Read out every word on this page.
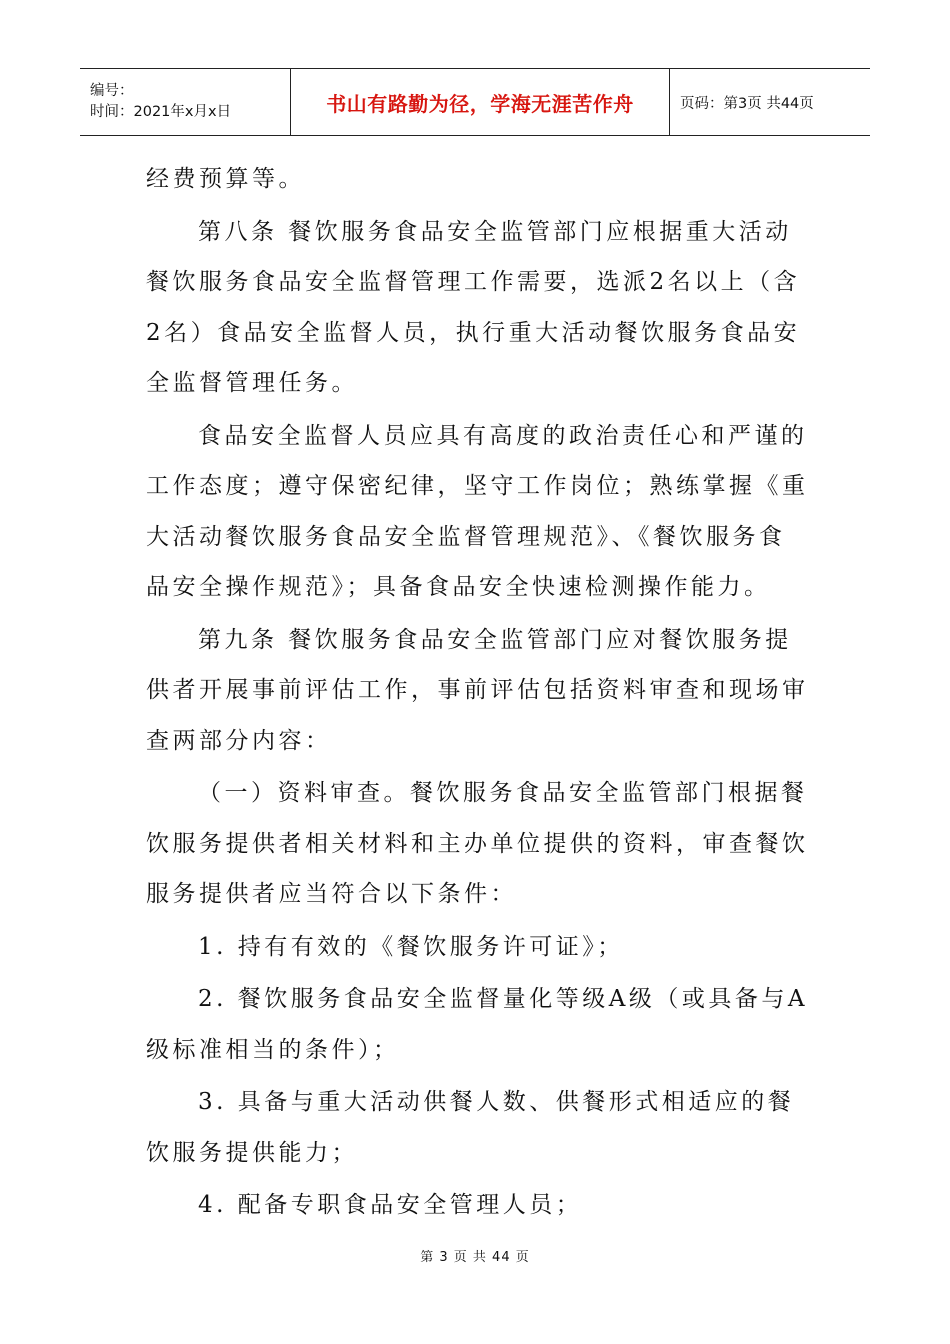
编号：
时间：2021年x月x日	书山有路勤为径，学海无涯苦作舟	页码：第3页 共44页

经费预算等。

第八条 餐饮服务食品安全监管部门应根据重大活动餐饮服务食品安全监督管理工作需要，选派2名以上（含2名）食品安全监督人员，执行重大活动餐饮服务食品安全监督管理任务。

食品安全监督人员应具有高度的政治责任心和严谨的工作态度；遵守保密纪律，坚守工作岗位；熟练掌握《重大活动餐饮服务食品安全监督管理规范》、《餐饮服务食品安全操作规范》；具备食品安全快速检测操作能力。

第九条 餐饮服务食品安全监管部门应对餐饮服务提供者开展事前评估工作，事前评估包括资料审查和现场审查两部分内容：

（一）资料审查。餐饮服务食品安全监管部门根据餐饮服务提供者相关材料和主办单位提供的资料，审查餐饮服务提供者应当符合以下条件：

1. 持有有效的《餐饮服务许可证》；

2. 餐饮服务食品安全监督量化等级A级（或具备与A级标准相当的条件）；

3. 具备与重大活动供餐人数、供餐形式相适应的餐饮服务提供能力；

4. 配备专职食品安全管理人员；

第 3 页 共 44 页
